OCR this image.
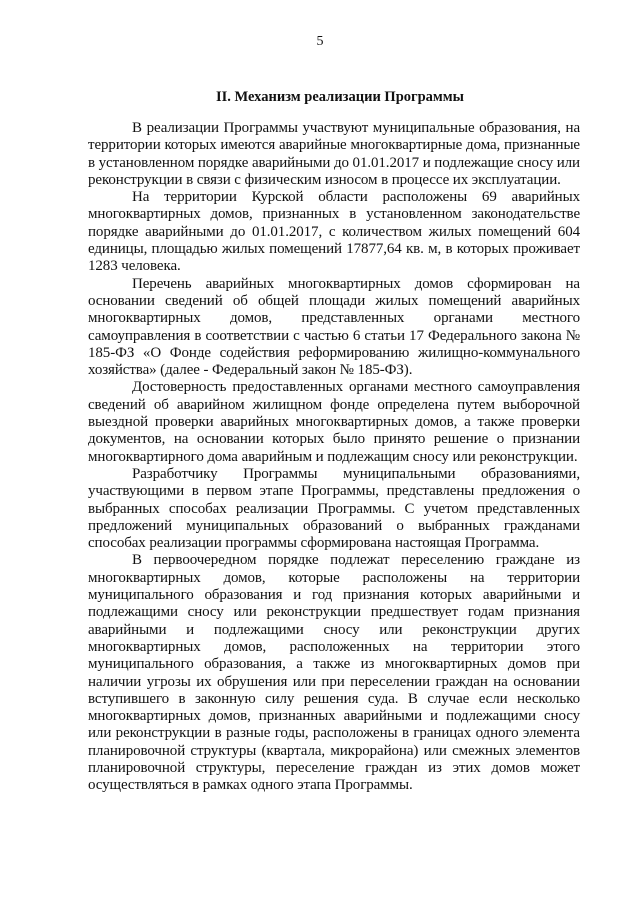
5
II. Механизм реализации Программы

В реализации Программы участвуют муниципальные образования, на территории которых имеются аварийные многоквартирные дома, признанные в установленном порядке аварийными до 01.01.2017 и подлежащие сносу или реконструкции в связи с физическим износом в процессе их эксплуатации.

На территории Курской области расположены 69 аварийных многоквартирных домов, признанных в установленном законодательстве порядке аварийными до 01.01.2017, с количеством жилых помещений 604 единицы, площадью жилых помещений 17877,64 кв. м, в которых проживает 1283 человека.

Перечень аварийных многоквартирных домов сформирован на основании сведений об общей площади жилых помещений аварийных многоквартирных домов, представленных органами местного самоуправления в соответствии с частью 6 статьи 17 Федерального закона № 185-ФЗ «О Фонде содействия реформированию жилищно-коммунального хозяйства» (далее - Федеральный закон № 185-ФЗ).

Достоверность предоставленных органами местного самоуправления сведений об аварийном жилищном фонде определена путем выборочной выездной проверки аварийных многоквартирных домов, а также проверки документов, на основании которых было принято решение о признании многоквартирного дома аварийным и подлежащим сносу или реконструкции.

Разработчику Программы муниципальными образованиями, участвующими в первом этапе Программы, представлены предложения о выбранных способах реализации Программы. С учетом представленных предложений муниципальных образований о выбранных гражданами способах реализации программы сформирована настоящая Программа.

В первоочередном порядке подлежат переселению граждане из многоквартирных домов, которые расположены на территории муниципального образования и год признания которых аварийными и подлежащими сносу или реконструкции предшествует годам признания аварийными и подлежащими сносу или реконструкции других многоквартирных домов, расположенных на территории этого муниципального образования, а также из многоквартирных домов при наличии угрозы их обрушения или при переселении граждан на основании вступившего в законную силу решения суда. В случае если несколько многоквартирных домов, признанных аварийными и подлежащими сносу или реконструкции в разные годы, расположены в границах одного элемента планировочной структуры (квартала, микрорайона) или смежных элементов планировочной структуры, переселение граждан из этих домов может осуществляться в рамках одного этапа Программы.
